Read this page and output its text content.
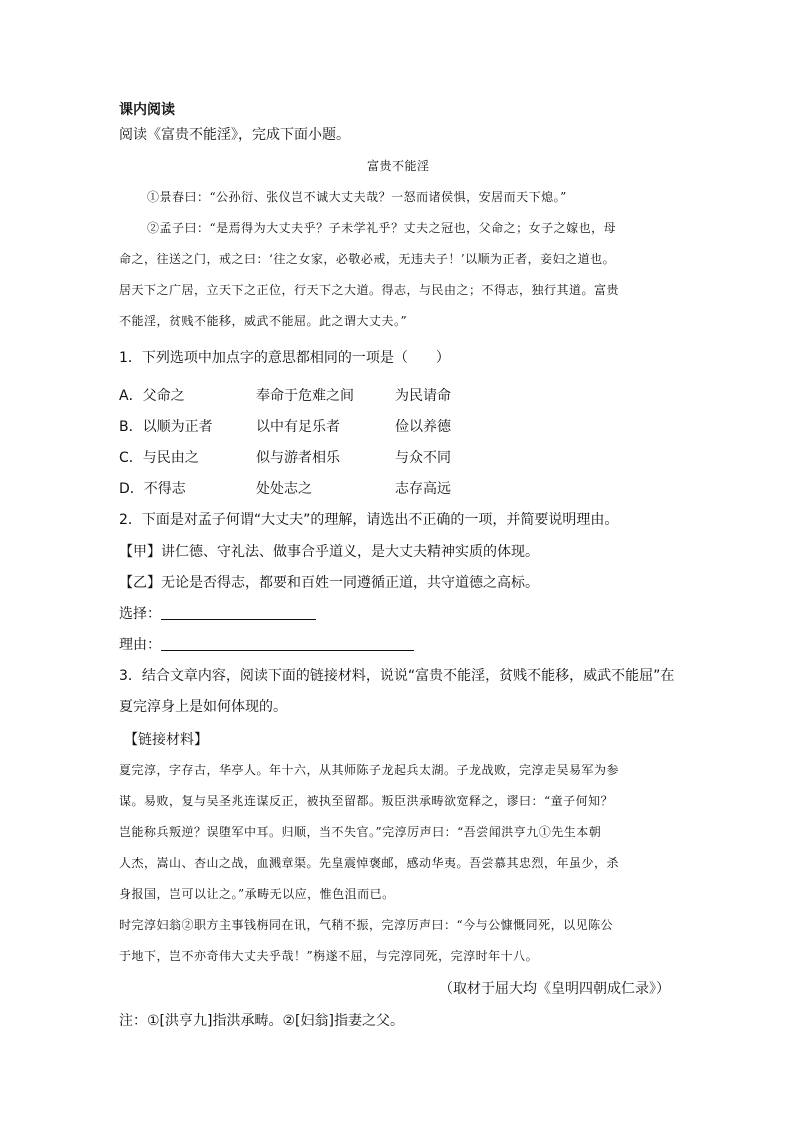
课内阅读
阅读《富贵不能淫》，完成下面小题。
富贵不能淫
①景春曰：“公孙衍、张仪岂不诚大丈夫哉？一怒而诸侯惧，安居而天下熄。”
②孟子曰：“是焉得为大丈夫乎？子未学礼乎？丈夫之冠也，父命之；女子之嫁也，母
命之，往送之门，戒之曰：‘往之女家，必敬必戒，无违夫子！’以顺为正者，妾妇之道也。
居天下之广居，立天下之正位，行天下之大道。得志，与民由之；不得志，独行其道。富贵
不能淫，贫贱不能移，威武不能屈。此之谓大丈夫。”
1．下列选项中加点字的意思都相同的一项是（　　）
A．父命之	奉命于危难之间	为民请命
B．以顺为正者	以中有足乐者	俭以养德
C．与民由之	似与游者相乐	与众不同
D．不得志	处处志之	志存高远
2．下面是对孟子何谓“大丈夫”的理解，请选出不正确的一项，并简要说明理由。
【甲】讲仁德、守礼法、做事合乎道义，是大丈夫精神实质的体现。
【乙】无论是否得志，都要和百姓一同遵循正道，共守道德之高标。
选择：
理由：
3．结合文章内容，阅读下面的链接材料，说说“富贵不能淫，贫贱不能移，威武不能屈”在
夏完淳身上是如何体现的。
【链接材料】
夏完淳，字存古，华亭人。年十六，从其师陈子龙起兵太湖。子龙战败，完淳走吴易军为参
谋。易败，复与吴圣兆连谋反正，被执至留都。叛臣洪承畴欲宽释之，谬曰：“童子何知？
岂能称兵叛逆？误堕军中耳。归顺，当不失官。”完淳厉声曰：“吾尝闻洪亨九①先生本朝
人杰，嵩山、杏山之战，血溅章渠。先皇震悼褒邮，感动华夷。吾尝慕其忠烈，年虽少，杀
身报国，岂可以让之。”承畴无以应，惟色沮而已。
时完淳妇翁②职方主事钱栴同在讯，气稍不振，完淳厉声曰：“今与公慷慨同死，以见陈公
于地下，岂不亦奇伟大丈夫乎哉！”栴遂不屈，与完淳同死，完淳时年十八。
（取材于屈大均《皇明四朝成仁录》）
注：①[洪亨九]指洪承畴。②[妇翁]指妻之父。
